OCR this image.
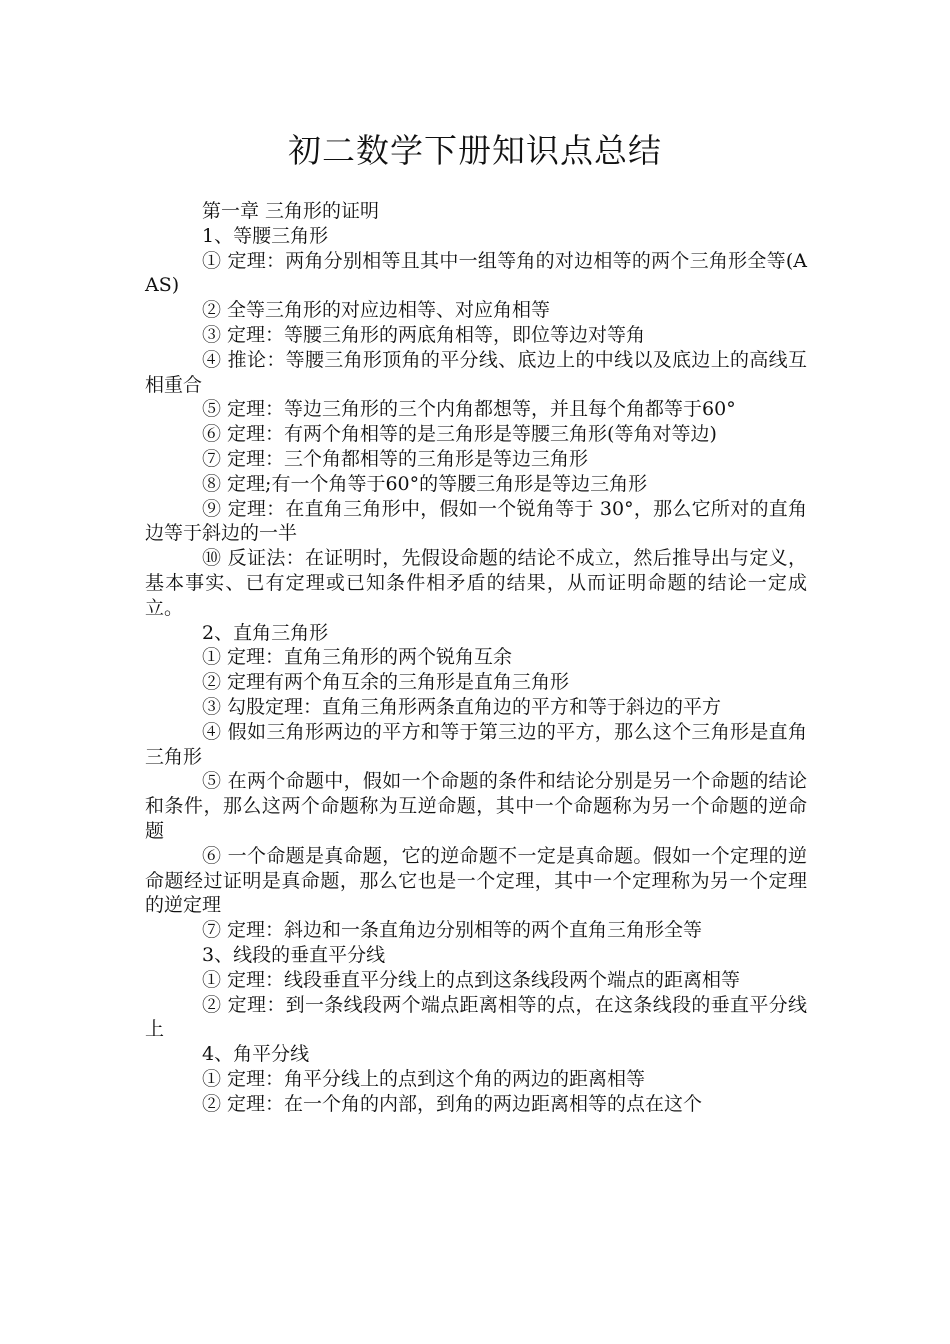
初二数学下册知识点总结

第一章 三角形的证明

1、等腰三角形

① 定理：两角分别相等且其中一组等角的对边相等的两个三角形全等(AAS)

② 全等三角形的对应边相等、对应角相等

③ 定理：等腰三角形的两底角相等，即位等边对等角

④ 推论：等腰三角形顶角的平分线、底边上的中线以及底边上的高线互相重合

⑤ 定理：等边三角形的三个内角都想等，并且每个角都等于60°

⑥ 定理：有两个角相等的是三角形是等腰三角形(等角对等边)

⑦ 定理：三个角都相等的三角形是等边三角形

⑧ 定理;有一个角等于60°的等腰三角形是等边三角形

⑨ 定理：在直角三角形中，假如一个锐角等于 30°，那么它所对的直角边等于斜边的一半

⑩ 反证法：在证明时，先假设命题的结论不成立，然后推导出与定义，基本事实、已有定理或已知条件相矛盾的结果，从而证明命题的结论一定成立。

2、直角三角形

① 定理：直角三角形的两个锐角互余

② 定理有两个角互余的三角形是直角三角形

③ 勾股定理：直角三角形两条直角边的平方和等于斜边的平方

④ 假如三角形两边的平方和等于第三边的平方，那么这个三角形是直角三角形

⑤ 在两个命题中，假如一个命题的条件和结论分别是另一个命题的结论和条件，那么这两个命题称为互逆命题，其中一个命题称为另一个命题的逆命题

⑥ 一个命题是真命题，它的逆命题不一定是真命题。假如一个定理的逆命题经过证明是真命题，那么它也是一个定理，其中一个定理称为另一个定理的逆定理

⑦ 定理：斜边和一条直角边分别相等的两个直角三角形全等

3、线段的垂直平分线

① 定理：线段垂直平分线上的点到这条线段两个端点的距离相等

② 定理：到一条线段两个端点距离相等的点，在这条线段的垂直平分线上

4、角平分线

① 定理：角平分线上的点到这个角的两边的距离相等

② 定理：在一个角的内部，到角的两边距离相等的点在这个
